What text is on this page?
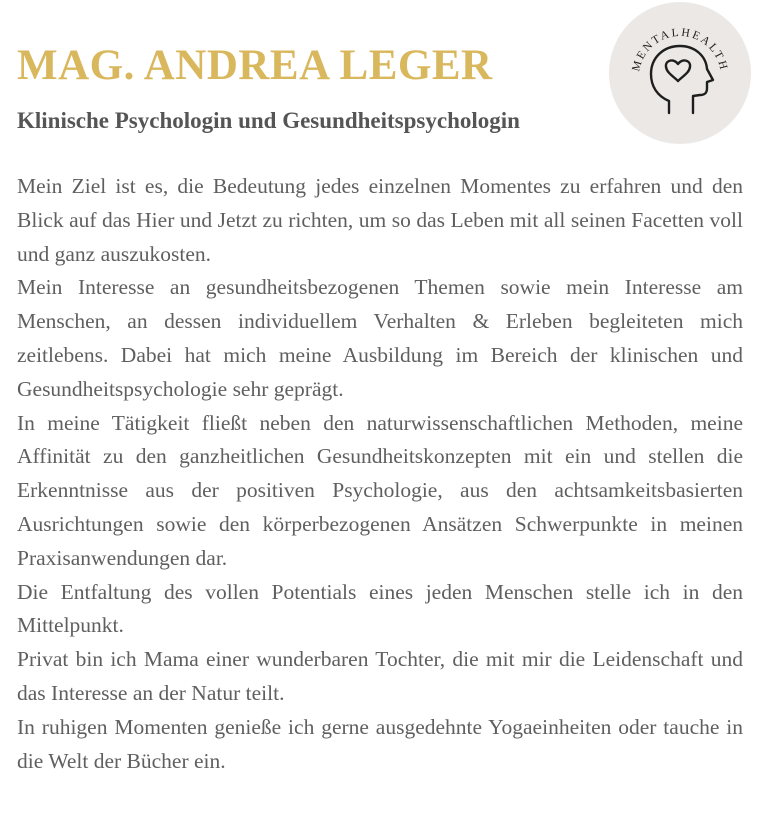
MAG. ANDREA LEGER
Klinische Psychologin und Gesundheitspsychologin
MENTALHEALTH

Mein Ziel ist es, die Bedeutung jedes einzelnen Momentes zu erfahren und den Blick auf das Hier und Jetzt zu richten, um so das Leben mit all seinen Facetten voll und ganz auszukosten.

Mein Interesse an gesundheitsbezogenen Themen sowie mein Interesse am Menschen, an dessen individuellem Verhalten & Erleben begleiteten mich zeitlebens. Dabei hat mich meine Ausbildung im Bereich der klinischen und Gesundheitspsychologie sehr geprägt.

In meine Tätigkeit fließt neben den naturwissenschaftlichen Methoden, meine Affinität zu den ganzheitlichen Gesundheitskonzepten mit ein und stellen die Erkenntnisse aus der positiven Psychologie, aus den achtsamkeitsbasierten Ausrichtungen sowie den körperbezogenen Ansätzen Schwerpunkte in meinen Praxisanwendungen dar.

Die Entfaltung des vollen Potentials eines jeden Menschen stelle ich in den Mittelpunkt.

Privat bin ich Mama einer wunderbaren Tochter, die mit mir die Leidenschaft und das Interesse an der Natur teilt.

In ruhigen Momenten genieße ich gerne ausgedehnte Yogaeinheiten oder tauche in die Welt der Bücher ein.
